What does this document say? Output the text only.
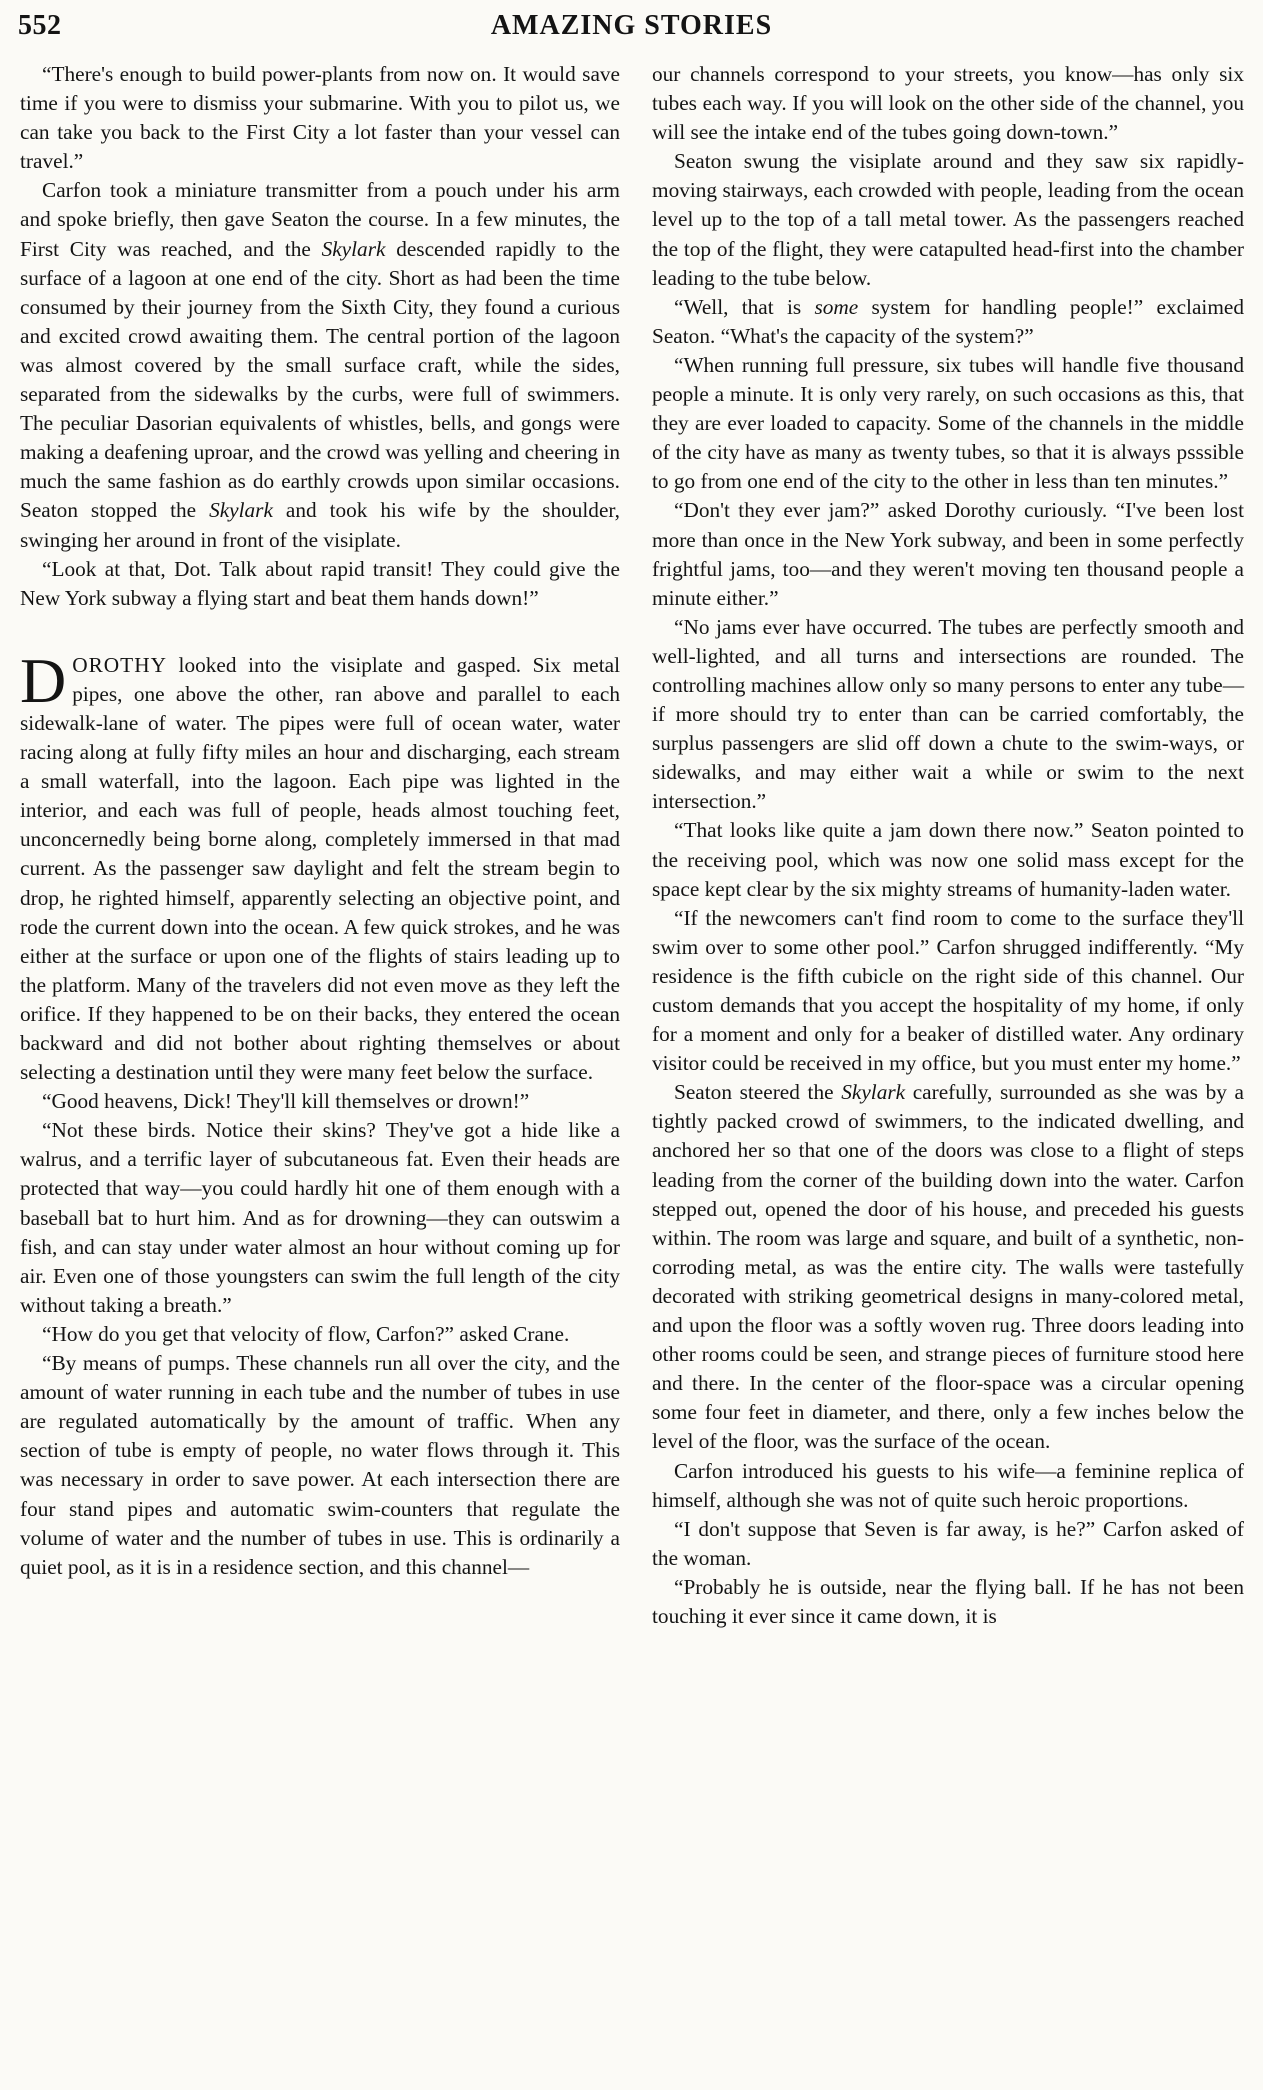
552	AMAZING STORIES

“There's enough to build power-plants from now on. It would save time if you were to dismiss your submarine. With you to pilot us, we can take you back to the First City a lot faster than your vessel can travel.”

Carfon took a miniature transmitter from a pouch under his arm and spoke briefly, then gave Seaton the course. In a few minutes, the First City was reached, and the Skylark descended rapidly to the surface of a lagoon at one end of the city. Short as had been the time consumed by their journey from the Sixth City, they found a curious and excited crowd awaiting them. The central portion of the lagoon was almost covered by the small surface craft, while the sides, separated from the sidewalks by the curbs, were full of swimmers. The peculiar Dasorian equivalents of whistles, bells, and gongs were making a deafening uproar, and the crowd was yelling and cheering in much the same fashion as do earthly crowds upon similar occasions. Seaton stopped the Skylark and took his wife by the shoulder, swinging her around in front of the visiplate.

“Look at that, Dot. Talk about rapid transit! They could give the New York subway a flying start and beat them hands down!”

DOROTHY looked into the visiplate and gasped. Six metal pipes, one above the other, ran above and parallel to each sidewalk-lane of water. The pipes were full of ocean water, water racing along at fully fifty miles an hour and discharging, each stream a small waterfall, into the lagoon. Each pipe was lighted in the interior, and each was full of people, heads almost touching feet, unconcernedly being borne along, completely immersed in that mad current. As the passenger saw daylight and felt the stream begin to drop, he righted himself, apparently selecting an objective point, and rode the current down into the ocean. A few quick strokes, and he was either at the surface or upon one of the flights of stairs leading up to the platform. Many of the travelers did not even move as they left the orifice. If they happened to be on their backs, they entered the ocean backward and did not bother about righting themselves or about selecting a destination until they were many feet below the surface.

“Good heavens, Dick! They'll kill themselves or drown!”

“Not these birds. Notice their skins? They've got a hide like a walrus, and a terrific layer of subcutaneous fat. Even their heads are protected that way—you could hardly hit one of them enough with a baseball bat to hurt him. And as for drowning—they can outswim a fish, and can stay under water almost an hour without coming up for air. Even one of those youngsters can swim the full length of the city without taking a breath.”

“How do you get that velocity of flow, Carfon?” asked Crane.

“By means of pumps. These channels run all over the city, and the amount of water running in each tube and the number of tubes in use are regulated automatically by the amount of traffic. When any section of tube is empty of people, no water flows through it. This was necessary in order to save power. At each intersection there are four stand pipes and automatic swim-counters that regulate the volume of water and the number of tubes in use. This is ordinarily a quiet pool, as it is in a residence section, and this channel—

our channels correspond to your streets, you know—has only six tubes each way. If you will look on the other side of the channel, you will see the intake end of the tubes going down-town.”

Seaton swung the visiplate around and they saw six rapidly-moving stairways, each crowded with people, leading from the ocean level up to the top of a tall metal tower. As the passengers reached the top of the flight, they were catapulted head-first into the chamber leading to the tube below.

“Well, that is some system for handling people!” exclaimed Seaton. “What's the capacity of the system?”

“When running full pressure, six tubes will handle five thousand people a minute. It is only very rarely, on such occasions as this, that they are ever loaded to capacity. Some of the channels in the middle of the city have as many as twenty tubes, so that it is always psssible to go from one end of the city to the other in less than ten minutes.”

“Don't they ever jam?” asked Dorothy curiously. “I've been lost more than once in the New York subway, and been in some perfectly frightful jams, too—and they weren't moving ten thousand people a minute either.”

“No jams ever have occurred. The tubes are perfectly smooth and well-lighted, and all turns and intersections are rounded. The controlling machines allow only so many persons to enter any tube—if more should try to enter than can be carried comfortably, the surplus passengers are slid off down a chute to the swim-ways, or sidewalks, and may either wait a while or swim to the next intersection.”

“That looks like quite a jam down there now.” Seaton pointed to the receiving pool, which was now one solid mass except for the space kept clear by the six mighty streams of humanity-laden water.

“If the newcomers can't find room to come to the surface they'll swim over to some other pool.” Carfon shrugged indifferently. “My residence is the fifth cubicle on the right side of this channel. Our custom demands that you accept the hospitality of my home, if only for a moment and only for a beaker of distilled water. Any ordinary visitor could be received in my office, but you must enter my home.”

Seaton steered the Skylark carefully, surrounded as she was by a tightly packed crowd of swimmers, to the indicated dwelling, and anchored her so that one of the doors was close to a flight of steps leading from the corner of the building down into the water. Carfon stepped out, opened the door of his house, and preceded his guests within. The room was large and square, and built of a synthetic, non-corroding metal, as was the entire city. The walls were tastefully decorated with striking geometrical designs in many-colored metal, and upon the floor was a softly woven rug. Three doors leading into other rooms could be seen, and strange pieces of furniture stood here and there. In the center of the floor-space was a circular opening some four feet in diameter, and there, only a few inches below the level of the floor, was the surface of the ocean.

Carfon introduced his guests to his wife—a feminine replica of himself, although she was not of quite such heroic proportions.

“I don't suppose that Seven is far away, is he?” Carfon asked of the woman.

“Probably he is outside, near the flying ball. If he has not been touching it ever since it came down, it is
